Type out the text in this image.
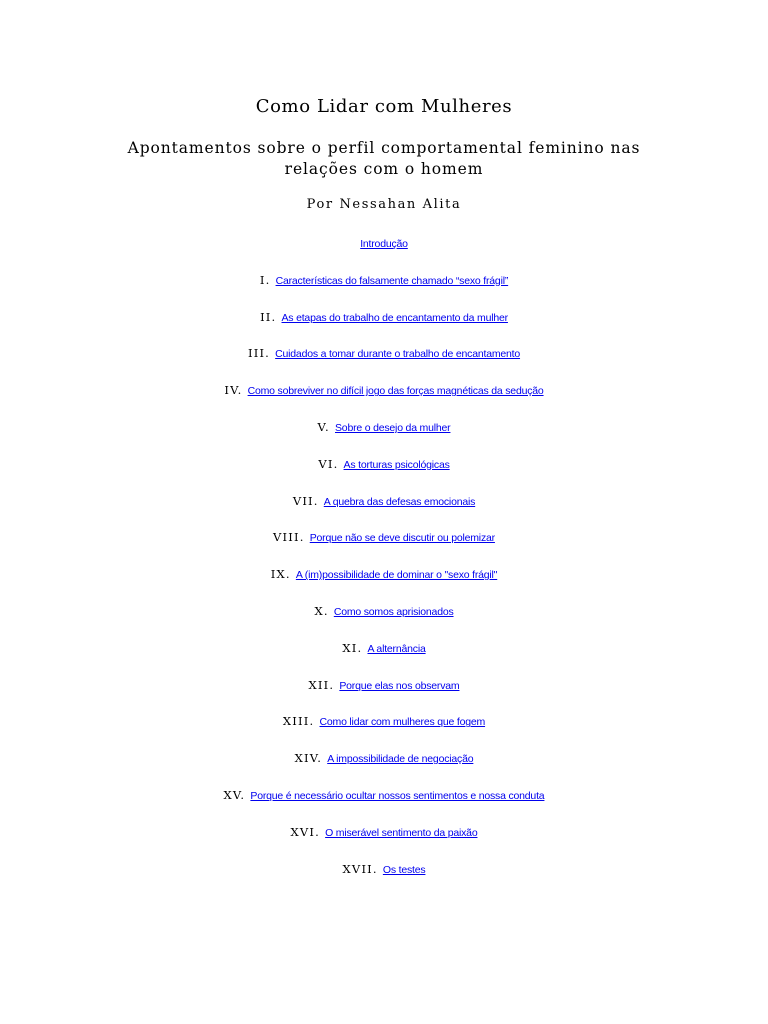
Como Lidar com Mulheres
Apontamentos sobre o perfil comportamental feminino nas relações com o homem
Por Nessahan Alita
Introdução
I. Características do falsamente chamado “sexo frágil”
II. As etapas do trabalho de encantamento da mulher
III. Cuidados a tomar durante o trabalho de encantamento
IV. Como sobreviver no difícil jogo das forças magnéticas da sedução
V. Sobre o desejo da mulher
VI. As torturas psicológicas
VII. A quebra das defesas emocionais
VIII. Porque não se deve discutir ou polemizar
IX. A (im)possibilidade de dominar o "sexo frágil"
X. Como somos aprisionados
XI. A alternância
XII. Porque elas nos observam
XIII. Como lidar com mulheres que fogem
XIV. A impossibilidade de negociação
XV. Porque é necessário ocultar nossos sentimentos e nossa conduta
XVI. O miserável sentimento da paixão
XVII. Os testes
